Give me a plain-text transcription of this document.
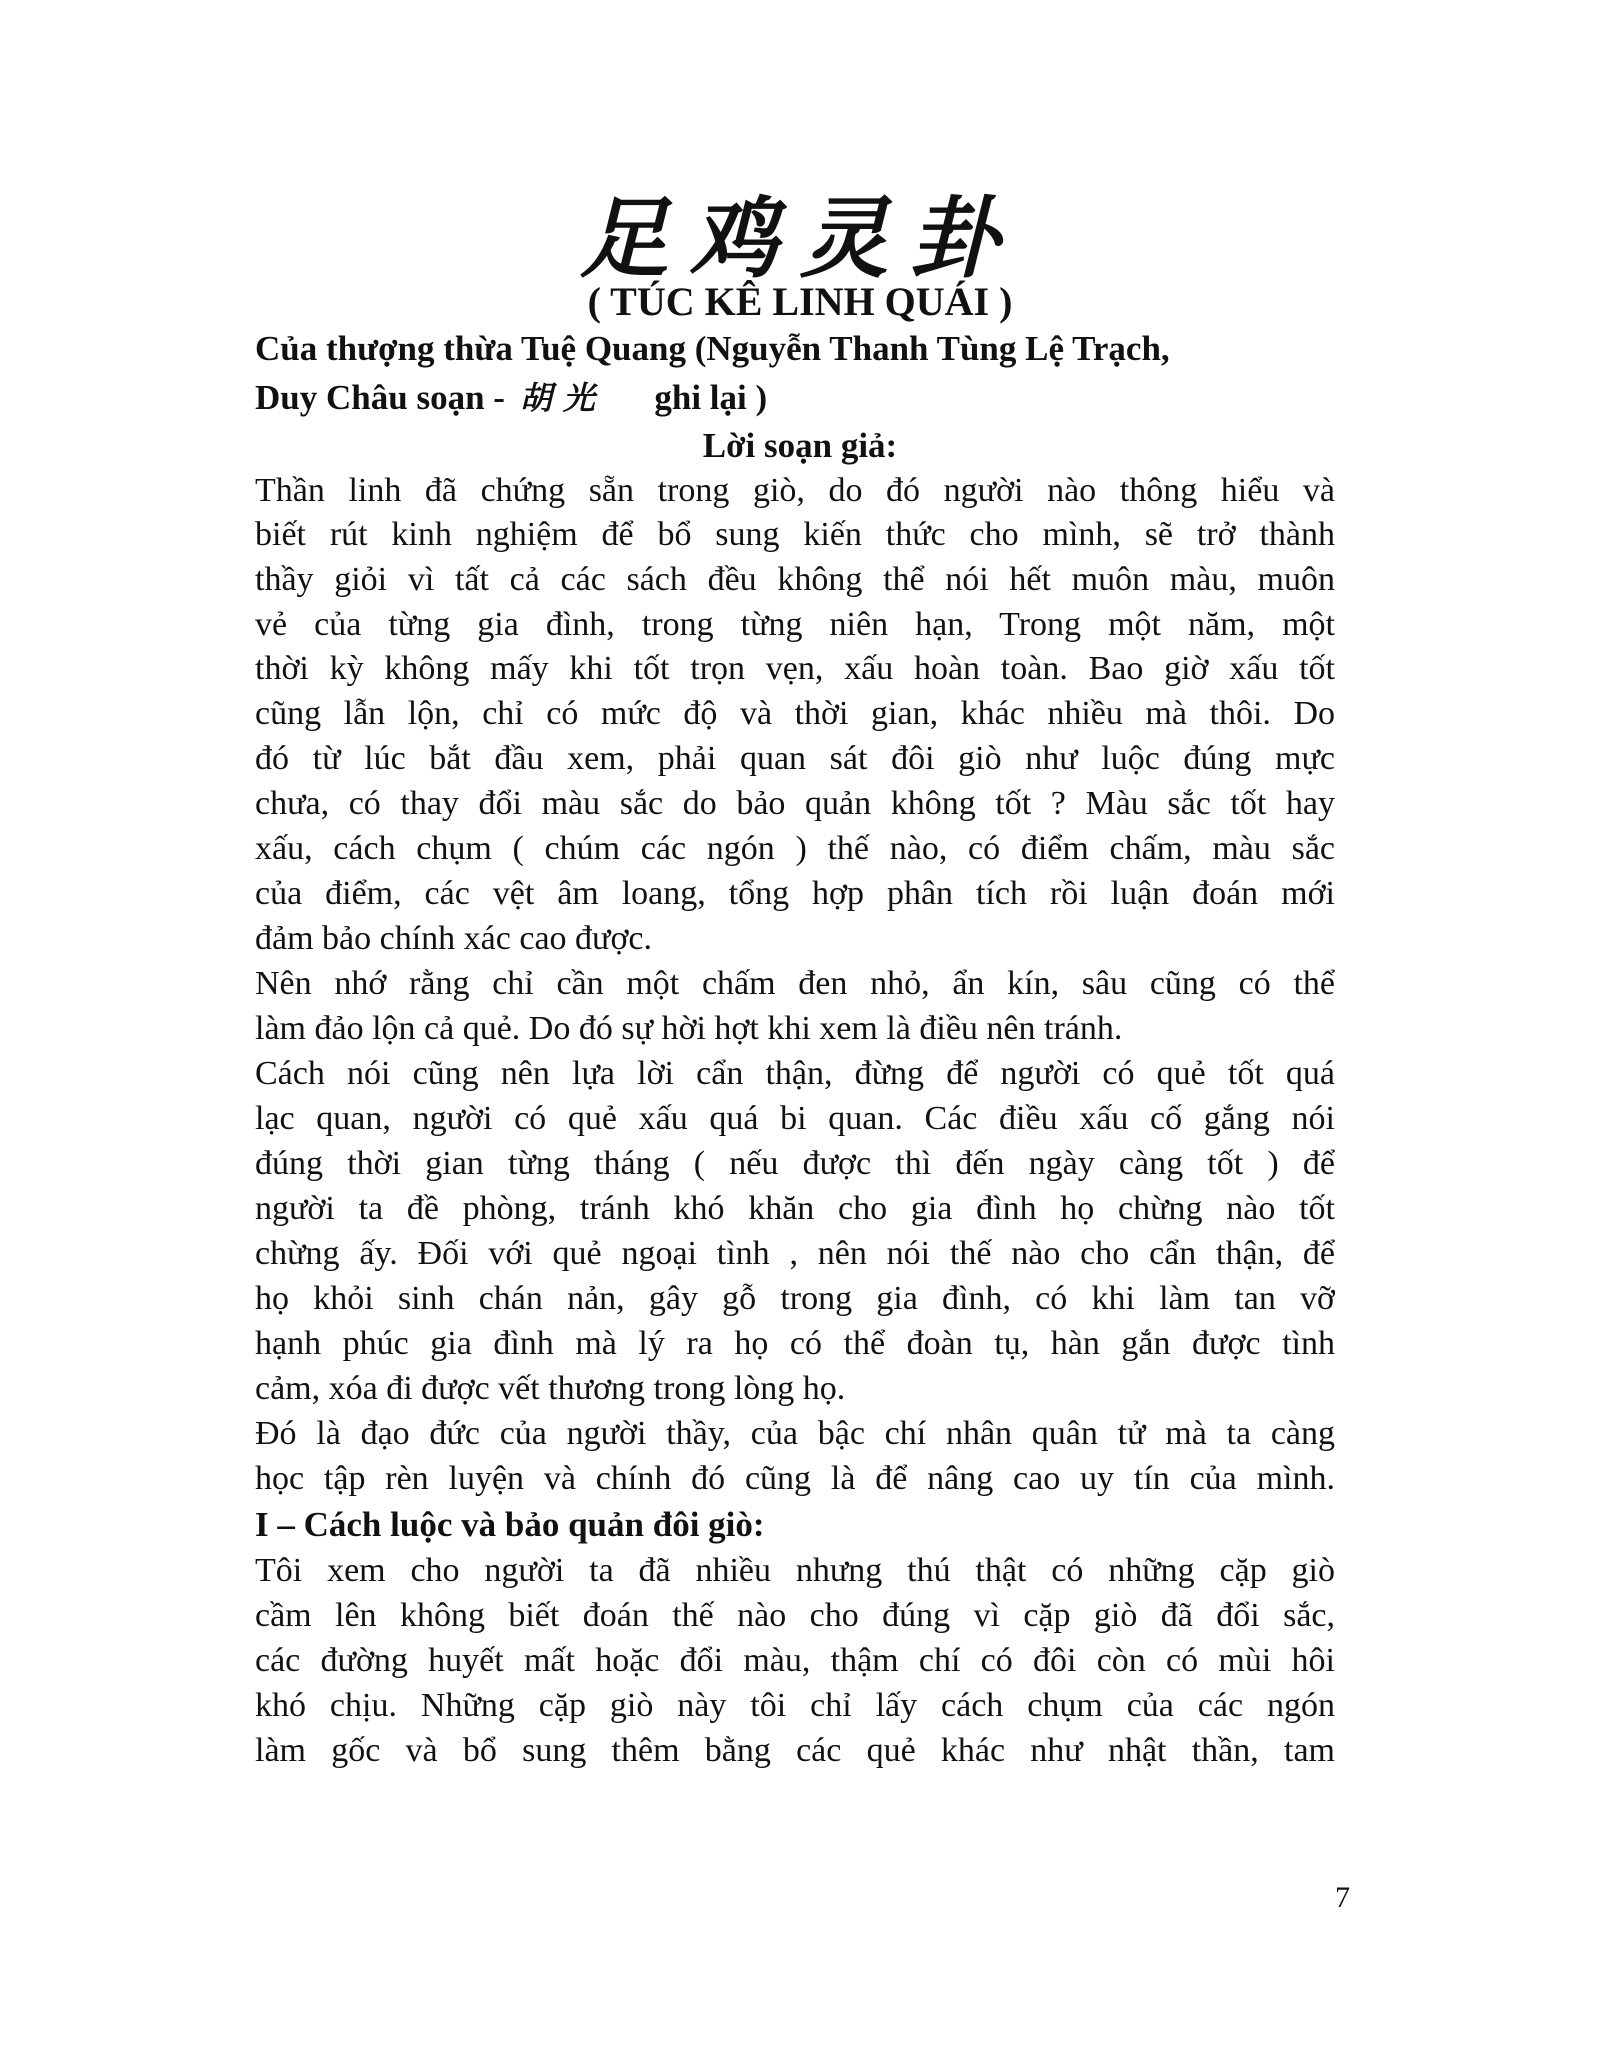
足鸡灵卦
( TÚC KÊ LINH QUÁI )
Của thượng thừa Tuệ Quang (Nguyễn Thanh Tùng Lệ Trạch,
Duy Châu soạn - 胡 光 ghi lại )
Lời soạn giả:
Thần linh đã chứng sẵn trong giò, do đó người nào thông hiểu và
biết rút kinh nghiệm để bổ sung kiến thức cho mình, sẽ trở thành
thầy giỏi vì tất cả các sách đều không thể nói hết muôn màu, muôn
vẻ của từng gia đình, trong từng niên hạn, Trong một năm, một
thời kỳ không mấy khi tốt trọn vẹn, xấu hoàn toàn. Bao giờ xấu tốt
cũng lẫn lộn, chỉ có mức độ và thời gian, khác nhiều mà thôi. Do
đó từ lúc bắt đầu xem, phải quan sát đôi giò như luộc đúng mực
chưa, có thay đổi màu sắc do bảo quản không tốt ? Màu sắc tốt hay
xấu, cách chụm ( chúm các ngón ) thế nào, có điểm chấm, màu sắc
của điểm, các vệt âm loang, tổng hợp phân tích rồi luận đoán mới
đảm bảo chính xác cao được.
Nên nhớ rằng chỉ cần một chấm đen nhỏ, ẩn kín, sâu cũng có thể
làm đảo lộn cả quẻ. Do đó sự hời hợt khi xem là điều nên tránh.
Cách nói cũng nên lựa lời cẩn thận, đừng để người có quẻ tốt quá
lạc quan, người có quẻ xấu quá bi quan. Các điều xấu cố gắng nói
đúng thời gian từng tháng ( nếu được thì đến ngày càng tốt ) để
người ta đề phòng, tránh khó khăn cho gia đình họ chừng nào tốt
chừng ấy. Đối với quẻ ngoại tình , nên nói thế nào cho cẩn thận, để
họ khỏi sinh chán nản, gây gỗ trong gia đình, có khi làm tan vỡ
hạnh phúc gia đình mà lý ra họ có thể đoàn tụ, hàn gắn được tình
cảm, xóa đi được vết thương trong lòng họ.
Đó là đạo đức của người thầy, của bậc chí nhân quân tử mà ta càng
học tập rèn luyện và chính đó cũng là để nâng cao uy tín của mình.
I – Cách luộc và bảo quản đôi giò:
Tôi xem cho người ta đã nhiều nhưng thú thật có những cặp giò
cầm lên không biết đoán thế nào cho đúng vì cặp giò đã đổi sắc,
các đường huyết mất hoặc đổi màu, thậm chí có đôi còn có mùi hôi
khó chịu. Những cặp giò này tôi chỉ lấy cách chụm của các ngón
làm gốc và bổ sung thêm bằng các quẻ khác như nhật thần, tam
7
